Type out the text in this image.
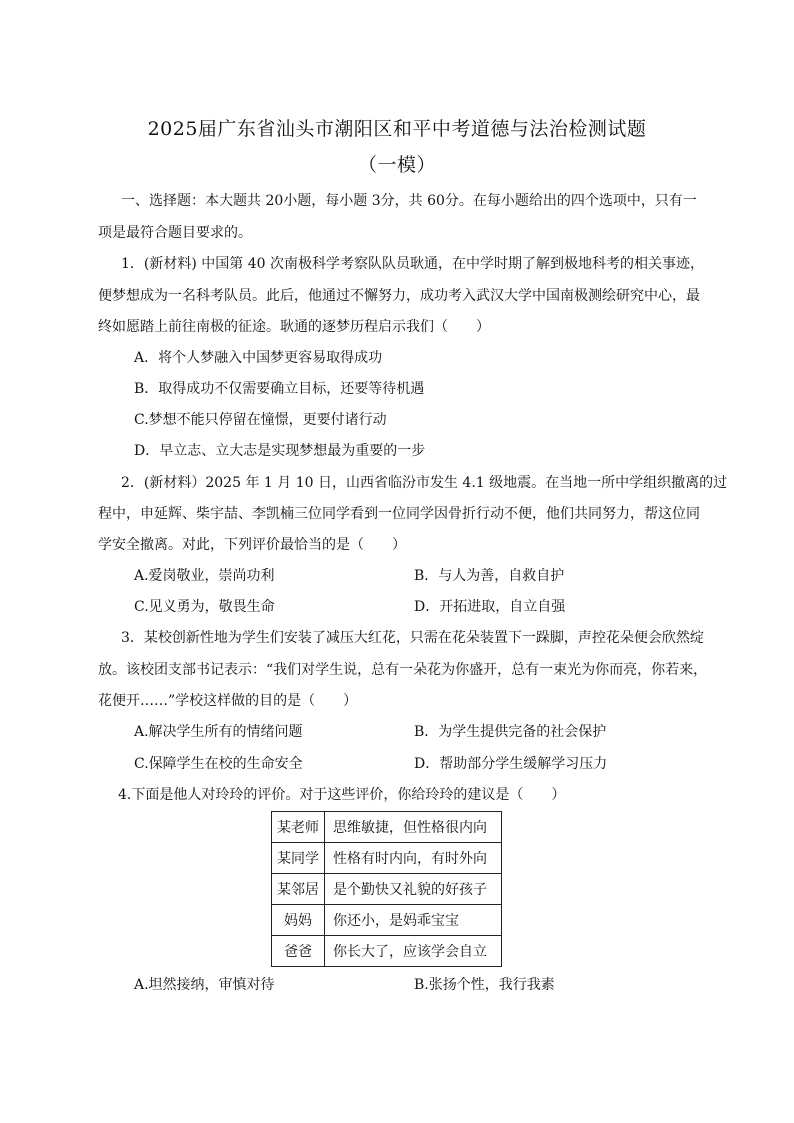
2025届广东省汕头市潮阳区和平中考道德与法治检测试题
（一模）
一、选择题：本大题共 20小题，每小题 3分，共 60分。在每小题给出的四个选项中，只有一
项是最符合题目要求的。
1．(新材料) 中国第 40 次南极科学考察队队员耿通，在中学时期了解到极地科考的相关事迹，
便梦想成为一名科考队员。此后，他通过不懈努力，成功考入武汉大学中国南极测绘研究中心，最
终如愿踏上前往南极的征途。耿通的逐梦历程启示我们（　　）
A．将个人梦融入中国梦更容易取得成功
B．取得成功不仅需要确立目标，还要等待机遇
C.梦想不能只停留在憧憬，更要付诸行动
D．早立志、立大志是实现梦想最为重要的一步
2．(新材料）2025 年 1 月 10 日，山西省临汾市发生 4.1 级地震。在当地一所中学组织撤离的过
程中，申延辉、柴宇喆、李凯楠三位同学看到一位同学因骨折行动不便，他们共同努力，帮这位同
学安全撤离。对此，下列评价最恰当的是（　　）
A.爱岗敬业，崇尚功利	B．与人为善，自救自护
C.见义勇为，敬畏生命	D．开拓进取，自立自强
3．某校创新性地为学生们安装了减压大红花，只需在花朵装置下一跺脚，声控花朵便会欣然绽
放。该校团支部书记表示：“我们对学生说，总有一朵花为你盛开，总有一束光为你而亮，你若来，
花便开……”学校这样做的目的是（　　）
A.解决学生所有的情绪问题	B．为学生提供完备的社会保护
C.保障学生在校的生命安全	D．帮助部分学生缓解学习压力
4.下面是他人对玲玲的评价。对于这些评价，你给玲玲的建议是（　　）
某老师	思维敏捷，但性格很内向
某同学	性格有时内向，有时外向
某邻居	是个勤快又礼貌的好孩子
妈妈	你还小，是妈乖宝宝
爸爸	你长大了，应该学会自立
A.坦然接纳，审慎对待	B.张扬个性，我行我素
